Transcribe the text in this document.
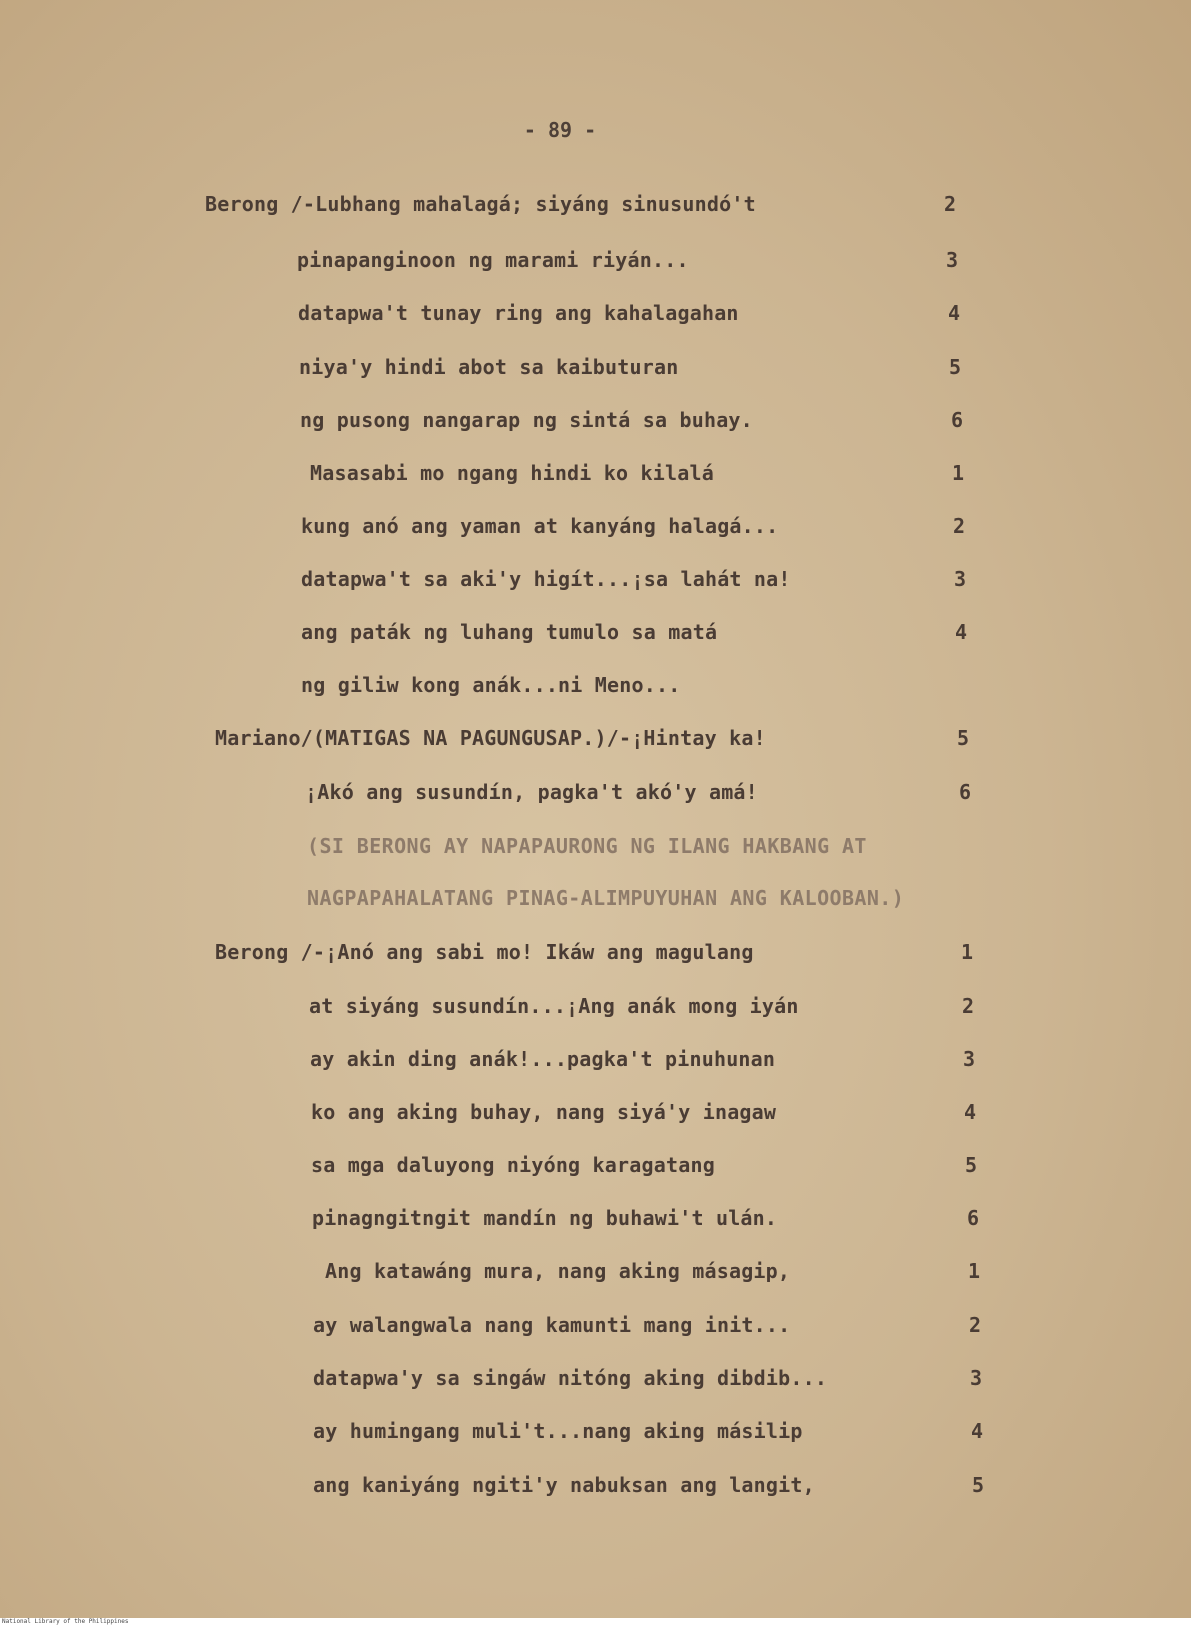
- 89 -
Berong /-Lubhang mahalagá; siyáng sinusundó't	2
pinapanginoon ng marami riyán...	3
datapwa't tunay ring ang kahalagahan	4
niya'y hindi abot sa kaibuturan	5
ng pusong nangarap ng sintá sa buhay.	6
Masasabi mo ngang hindi ko kilalá	1
kung anó ang yaman at kanyáng halagá...	2
datapwa't sa aki'y higít...¡sa lahát na!	3
ang paták ng luhang tumulo sa matá	4
ng giliw kong anák...ni Meno...
Mariano/(MATIGAS NA PAGUNGUSAP.)/-¡Hintay ka!	5
¡Akó ang susundín, pagka't akó'y amá!	6
(SI BERONG AY NAPAPAURONG NG ILANG HAKBANG AT
NAGPAPAHALATANG PINAG-ALIMPUYUHAN ANG KALOOBAN.)
Berong /-¡Anó ang sabi mo! Ikáw ang magulang	1
at siyáng susundín...¡Ang anák mong iyán	2
ay akin ding anák!...pagka't pinuhunan	3
ko ang aking buhay, nang siyá'y inagaw	4
sa mga daluyong niyóng karagatang	5
pinagngitngit mandín ng buhawi't ulán.	6
Ang katawáng mura, nang aking másagip,	1
ay walangwala nang kamunti mang init...	2
datapwa'y sa singáw nitóng aking dibdib...	3
ay humingang muli't...nang aking másilip	4
ang kaniyáng ngiti'y nabuksan ang langit,	5
National Library of the Philippines
